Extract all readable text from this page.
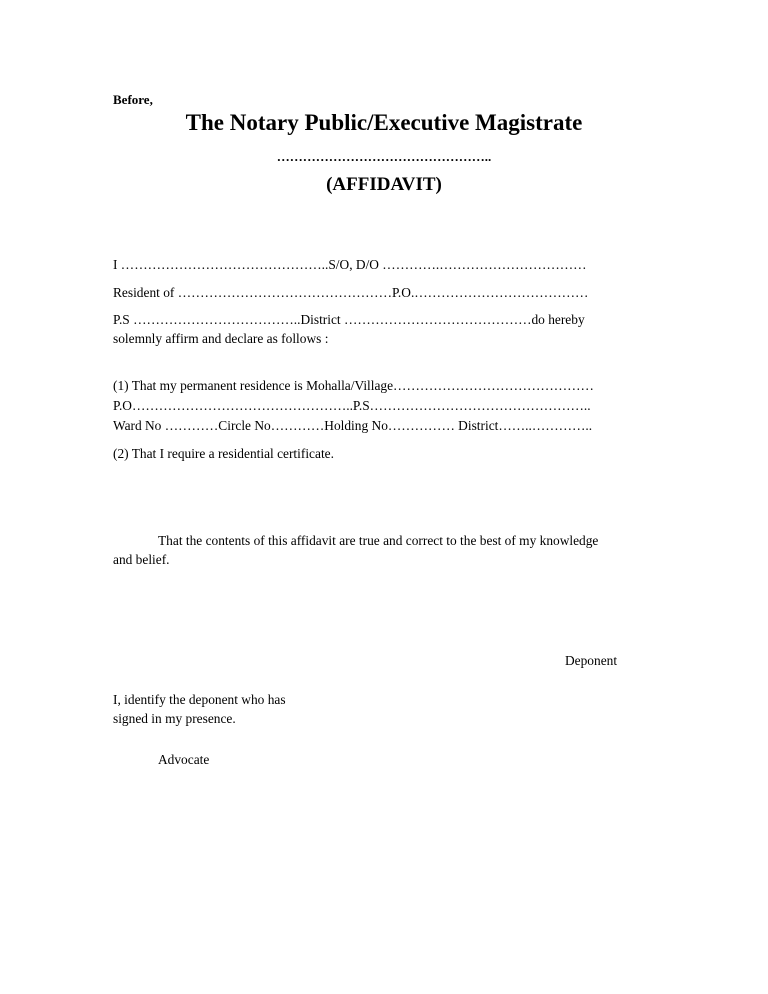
Before,
The Notary Public/Executive Magistrate
…………………………………………..
(AFFIDAVIT)
I ………………………………………..S/O, D/O ………….……………………………
Resident of …………………………………………P.O.…………………………………
P.S ………………………………..District ……………………………………do hereby
solemnly affirm and declare as follows :
(1) That my permanent residence is Mohalla/Village………………………………………
P.O…………………………………………..P.S…………………………………………..
Ward No …………Circle No…………Holding No…………… District……..…………..
(2) That I require a residential certificate.
That the contents of this affidavit are true and correct to the best of my knowledge
and belief.
Deponent
I, identify the deponent who has
signed in my presence.
Advocate
